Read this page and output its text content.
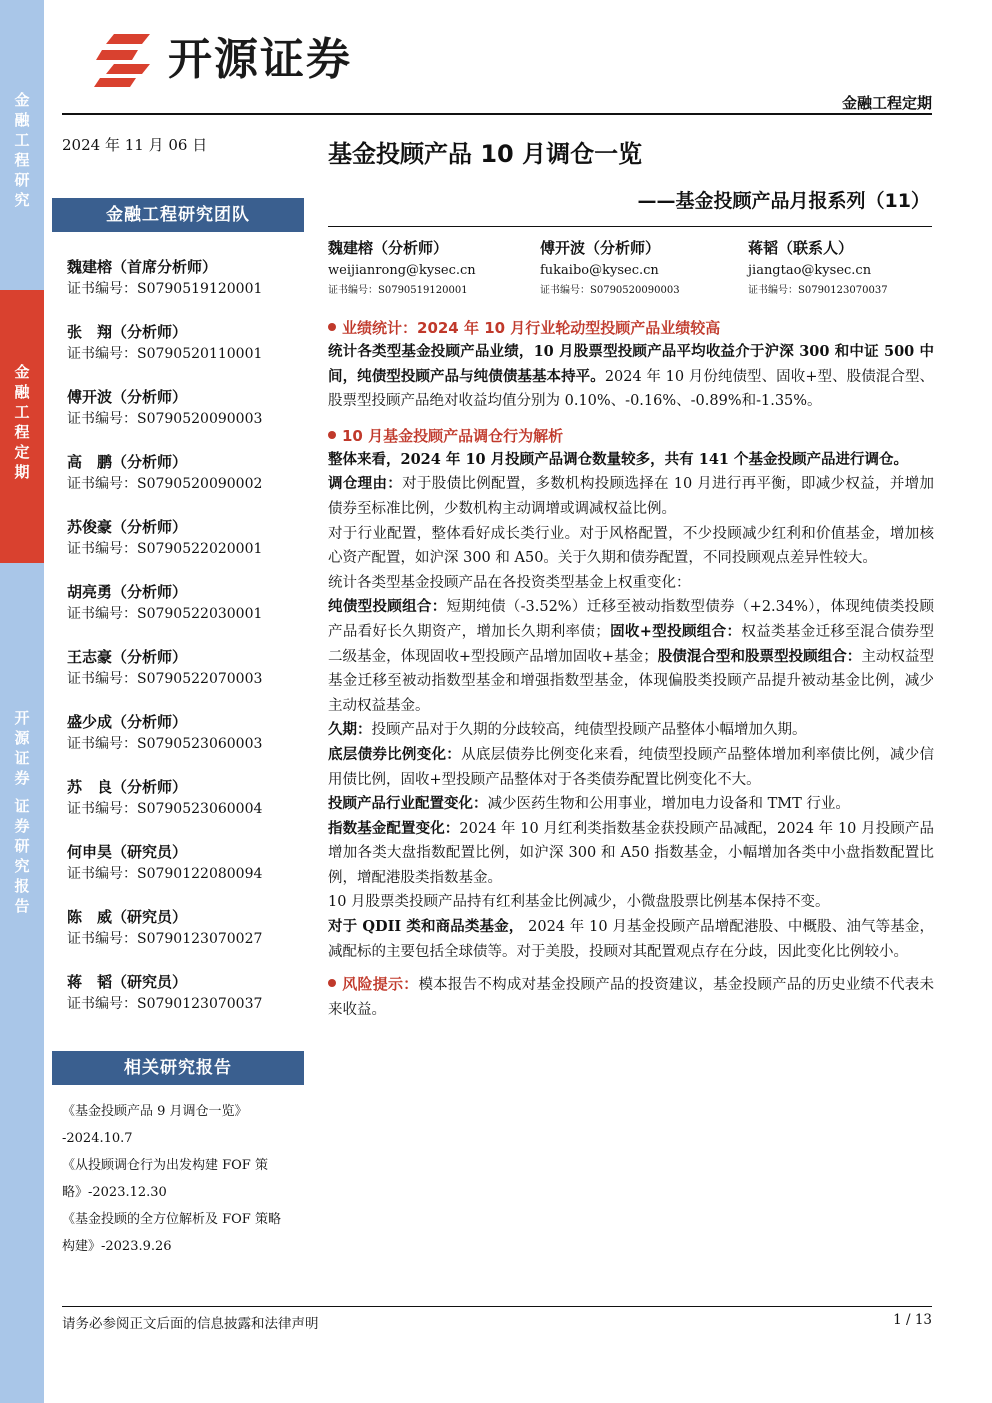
金
融
工
程
研
究
金
融
工
程
定
期
开
源
证
券

证
券
研
究
报
告
开源证券
金融工程定期
2024 年 11 月 06 日
金融工程研究团队
魏建榕（首席分析师）
证书编号：S0790519120001
张　翔（分析师）
证书编号：S0790520110001
傅开波（分析师）
证书编号：S0790520090003
高　鹏（分析师）
证书编号：S0790520090002
苏俊豪（分析师）
证书编号：S0790522020001
胡亮勇（分析师）
证书编号：S0790522030001
王志豪（分析师）
证书编号：S0790522070003
盛少成（分析师）
证书编号：S0790523060003
苏　良（分析师）
证书编号：S0790523060004
何申昊（研究员）
证书编号：S0790122080094
陈　威（研究员）
证书编号：S0790123070027
蒋　韬（研究员）
证书编号：S0790123070037
相关研究报告
《基金投顾产品 9 月调仓一览》
-2024.10.7
《从投顾调仓行为出发构建 FOF 策
略》-2023.12.30
《基金投顾的全方位解析及 FOF 策略
构建》-2023.9.26
基金投顾产品 10 月调仓一览
——基金投顾产品月报系列（11）
魏建榕（分析师）
weijianrong@kysec.cn
证书编号：S0790519120001
傅开波（分析师）
fukaibo@kysec.cn
证书编号：S0790520090003
蒋韬（联系人）
jiangtao@kysec.cn
证书编号：S0790123070037
业绩统计：2024 年 10 月行业轮动型投顾产品业绩较高

统计各类型基金投顾产品业绩，10 月股票型投顾产品平均收益介于沪深 300 和中证 500 中间，纯债型投顾产品与纯债债基基本持平。2024 年 10 月份纯债型、固收+型、股债混合型、股票型投顾产品绝对收益均值分别为 0.10%、-0.16%、-0.89%和-1.35%。

10 月基金投顾产品调仓行为解析

整体来看，2024 年 10 月投顾产品调仓数量较多，共有 141 个基金投顾产品进行调仓。

调仓理由：对于股债比例配置，多数机构投顾选择在 10 月进行再平衡，即减少权益，并增加债券至标准比例，少数机构主动调增或调减权益比例。

对于行业配置，整体看好成长类行业。对于风格配置，不少投顾减少红利和价值基金，增加核心资产配置，如沪深 300 和 A50。关于久期和债券配置，不同投顾观点差异性较大。

统计各类型基金投顾产品在各投资类型基金上权重变化：

纯债型投顾组合：短期纯债（-3.52%）迁移至被动指数型债券（+2.34%），体现纯债类投顾产品看好长久期资产，增加长久期利率债；固收+型投顾组合：权益类基金迁移至混合债券型二级基金，体现固收+型投顾产品增加固收+基金；股债混合型和股票型投顾组合：主动权益型基金迁移至被动指数型基金和增强指数型基金，体现偏股类投顾产品提升被动基金比例，减少主动权益基金。

久期：投顾产品对于久期的分歧较高，纯债型投顾产品整体小幅增加久期。

底层债券比例变化：从底层债券比例变化来看，纯债型投顾产品整体增加利率债比例，减少信用债比例，固收+型投顾产品整体对于各类债券配置比例变化不大。

投顾产品行业配置变化：减少医药生物和公用事业，增加电力设备和 TMT 行业。

指数基金配置变化：2024 年 10 月红利类指数基金获投顾产品减配，2024 年 10 月投顾产品增加各类大盘指数配置比例，如沪深 300 和 A50 指数基金，小幅增加各类中小盘指数配置比例，增配港股类指数基金。

10 月股票类投顾产品持有红利基金比例减少，小微盘股票比例基本保持不变。

对于 QDII 类和商品类基金， 2024 年 10 月基金投顾产品增配港股、中概股、油气等基金，减配标的主要包括全球债等。对于美股，投顾对其配置观点存在分歧，因此变化比例较小。

风险提示：模本报告不构成对基金投顾产品的投资建议，基金投顾产品的历史业绩不代表未来收益。

请务必参阅正文后面的信息披露和法律声明	1 / 13
